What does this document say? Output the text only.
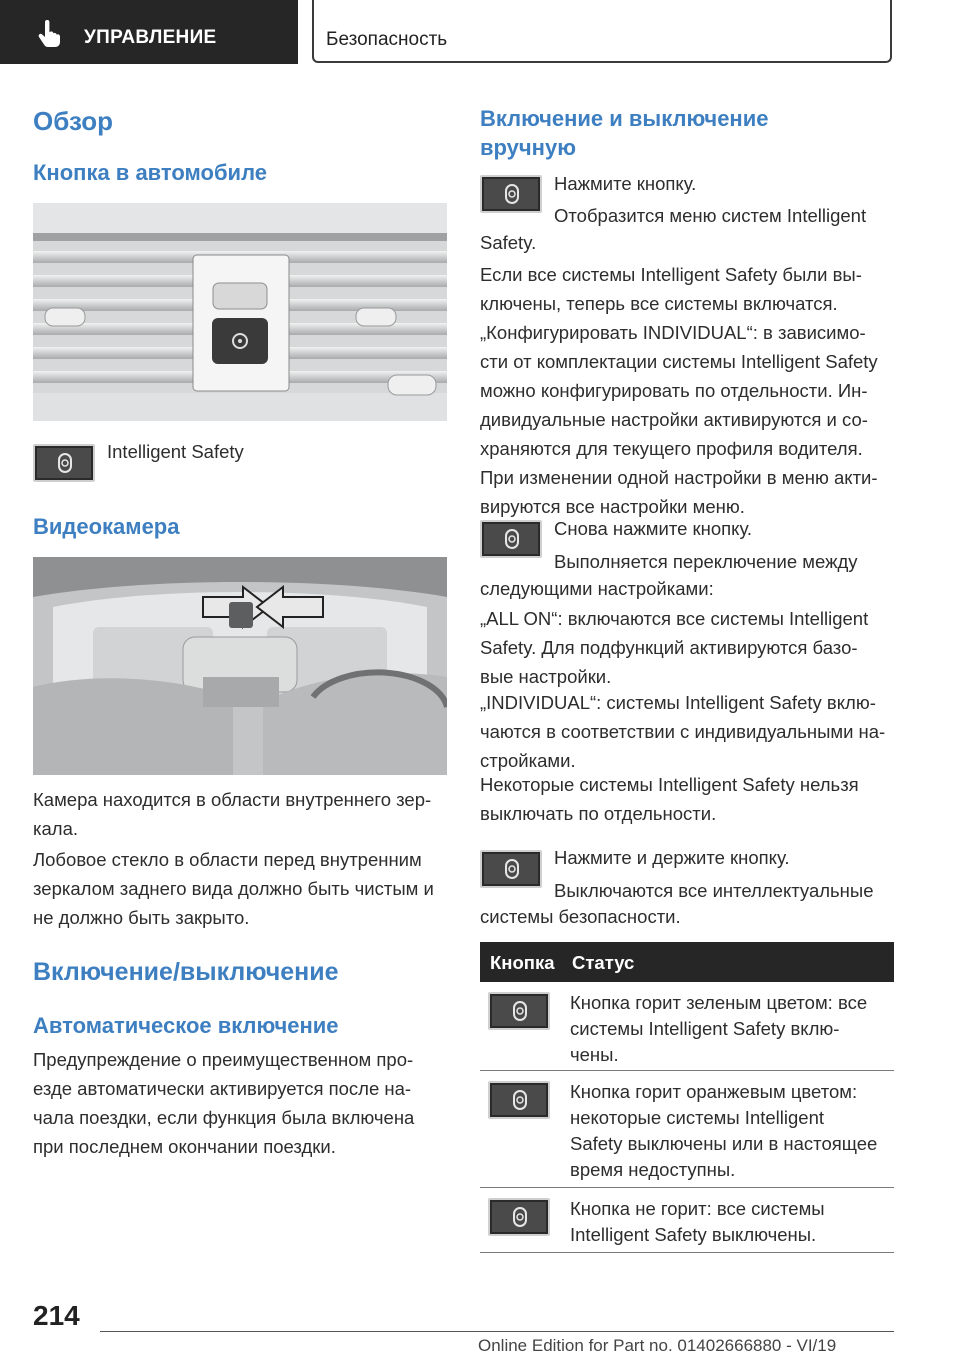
УПРАВЛЕНИЕ	Безопасность
Обзор
Кнопка в автомобиле
Intelligent Safety
Видеокамера
Камера находится в области внутреннего зер-
кала.
Лобовое стекло в области перед внутренним
зеркалом заднего вида должно быть чистым и
не должно быть закрыто.
Включение/выключение
Автоматическое включение
Предупреждение о преимущественном про-
езде автоматически активируется после на-
чала поездки, если функция была включена
при последнем окончании поездки.
Включение и выключение
вручную
Нажмите кнопку.
Отобразится меню систем Intelligent
Safety.
Если все системы Intelligent Safety были вы-
ключены, теперь все системы включатся.
„Конфигурировать INDIVIDUAL“: в зависимо-
сти от комплектации системы Intelligent Safety
можно конфигурировать по отдельности. Ин-
дивидуальные настройки активируются и со-
храняются для текущего профиля водителя.
При изменении одной настройки в меню акти-
вируются все настройки меню.
Снова нажмите кнопку.
Выполняется переключение между
следующими настройками:
„ALL ON“: включаются все системы Intelligent
Safety. Для подфункций активируются базо-
вые настройки.
„INDIVIDUAL“: системы Intelligent Safety вклю-
чаются в соответствии с индивидуальными на-
стройками.
Некоторые системы Intelligent Safety нельзя
выключать по отдельности.
Нажмите и держите кнопку.
Выключаются все интеллектуальные
системы безопасности.
Кнопка Статус
Кнопка горит зеленым цветом: все
системы Intelligent Safety вклю-
чены.
Кнопка горит оранжевым цветом:
некоторые системы Intelligent
Safety выключены или в настоящее
время недоступны.
Кнопка не горит: все системы
Intelligent Safety выключены.
214
Online Edition for Part no. 01402666880 - VI/19
